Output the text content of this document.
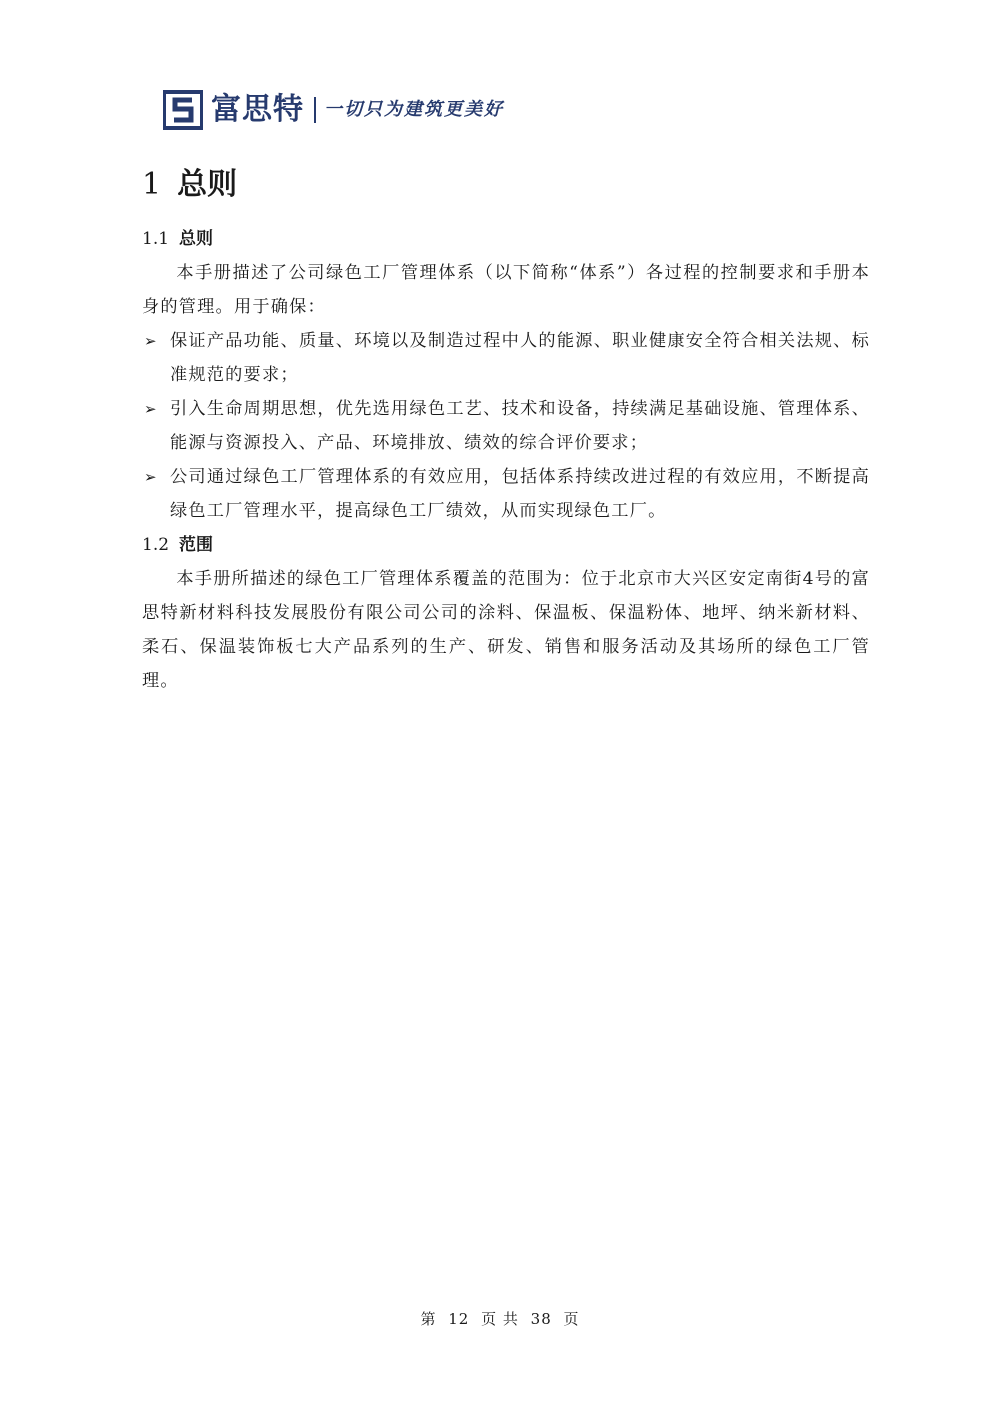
富思特 一切只为建筑更美好
1 总则
1.1 总则

本手册描述了公司绿色工厂管理体系（以下简称“体系”）各过程的控制要求和手册本身的管理。用于确保：

➢ 保证产品功能、质量、环境以及制造过程中人的能源、职业健康安全符合相关法规、标准规范的要求；
➢ 引入生命周期思想，优先选用绿色工艺、技术和设备，持续满足基础设施、管理体系、能源与资源投入、产品、环境排放、绩效的综合评价要求；
➢ 公司通过绿色工厂管理体系的有效应用，包括体系持续改进过程的有效应用，不断提高绿色工厂管理水平，提高绿色工厂绩效，从而实现绿色工厂。
1.2 范围

本手册所描述的绿色工厂管理体系覆盖的范围为：位于北京市大兴区安定南街4号的富思特新材料科技发展股份有限公司公司的涂料、保温板、保温粉体、地坪、纳米新材料、柔石、保温装饰板七大产品系列的生产、研发、销售和服务活动及其场所的绿色工厂管理。

第 12 页 共 38 页
